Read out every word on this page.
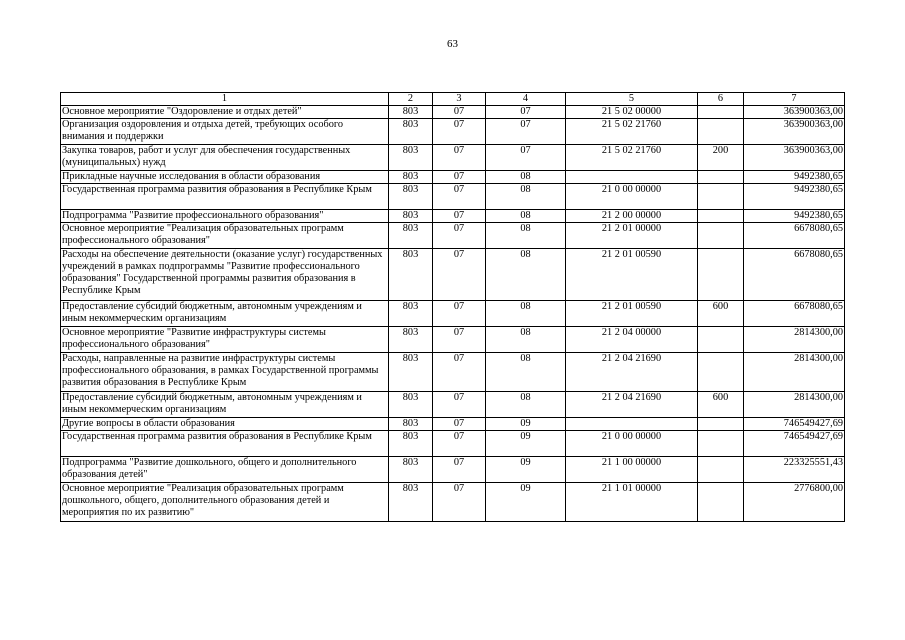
63
1	2	3	4	5	6	7
Основное мероприятие "Оздоровление и отдых детей"	803	07	07	21 5 02 00000		363900363,00
Организация оздоровления и отдыха детей, требующих особого внимания и поддержки	803	07	07	21 5 02 21760		363900363,00
Закупка товаров, работ и услуг для обеспечения государственных (муниципальных) нужд	803	07	07	21 5 02 21760	200	363900363,00
Прикладные научные исследования в области образования	803	07	08			9492380,65
Государственная программа развития образования в Республике Крым	803	07	08	21 0 00 00000		9492380,65
Подпрограмма "Развитие профессионального образования"	803	07	08	21 2 00 00000		9492380,65
Основное мероприятие "Реализация образовательных программ профессионального образования"	803	07	08	21 2 01 00000		6678080,65
Расходы на обеспечение деятельности (оказание услуг) государственных учреждений в рамках подпрограммы "Развитие профессионального образования" Государственной программы развития образования в Республике Крым	803	07	08	21 2 01 00590		6678080,65
Предоставление субсидий бюджетным, автономным учреждениям и иным некоммерческим организациям	803	07	08	21 2 01 00590	600	6678080,65
Основное мероприятие "Развитие инфраструктуры системы профессионального образования"	803	07	08	21 2 04 00000		2814300,00
Расходы, направленные на развитие инфраструктуры системы профессионального образования, в рамках Государственной программы развития образования в Республике Крым	803	07	08	21 2 04 21690		2814300,00
Предоставление субсидий бюджетным, автономным учреждениям и иным некоммерческим организациям	803	07	08	21 2 04 21690	600	2814300,00
Другие вопросы в области образования	803	07	09			746549427,69
Государственная программа развития образования в Республике Крым	803	07	09	21 0 00 00000		746549427,69
Подпрограмма "Развитие дошкольного, общего и дополнительного образования детей"	803	07	09	21 1 00 00000		223325551,43
Основное мероприятие "Реализация образовательных программ дошкольного, общего, дополнительного образования детей и мероприятия по их развитию"	803	07	09	21 1 01 00000		2776800,00
